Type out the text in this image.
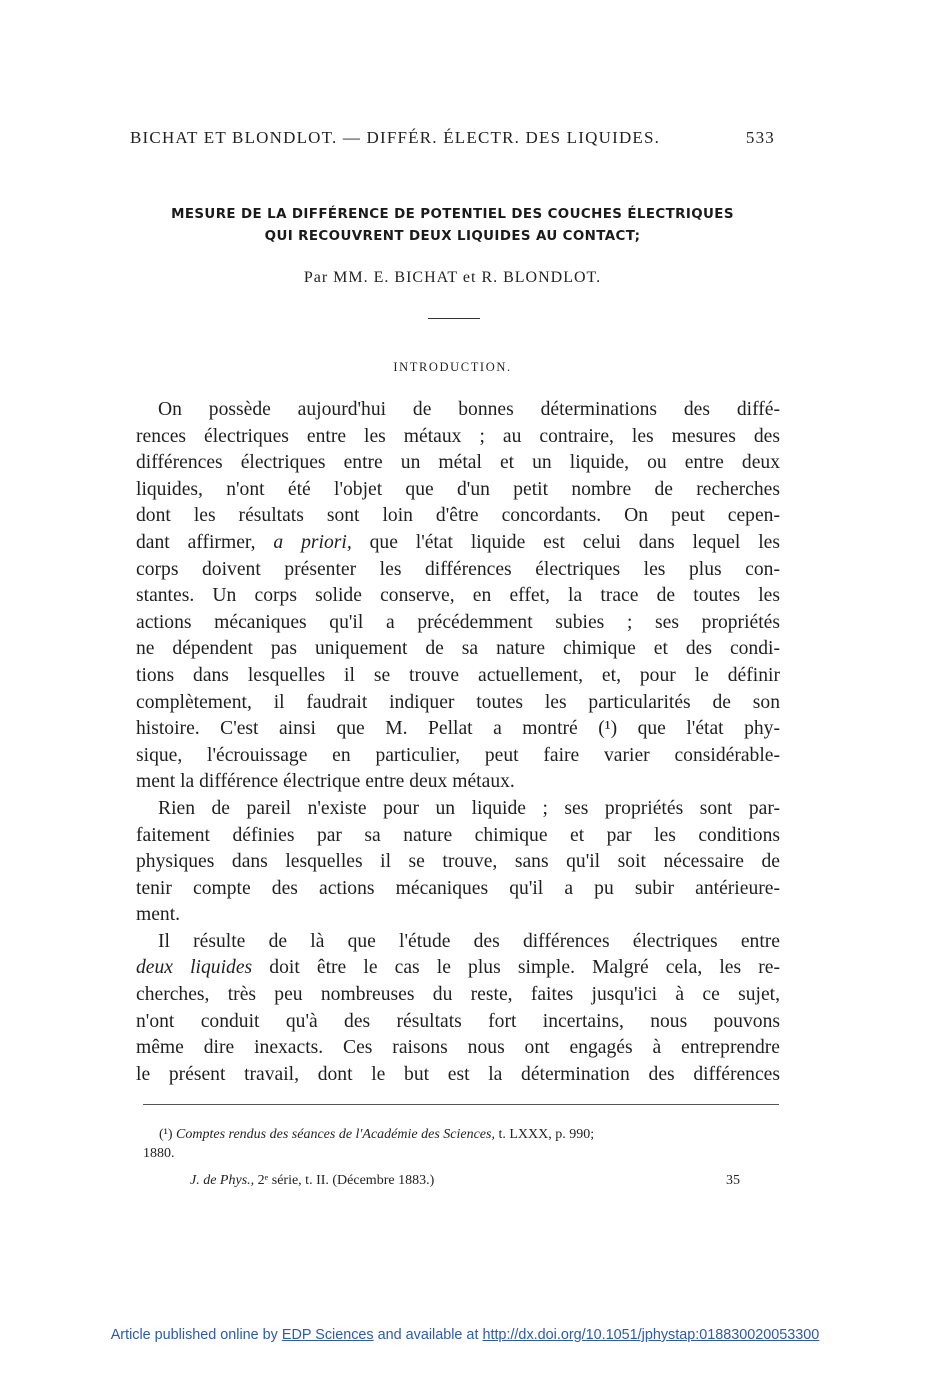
BICHAT ET BLONDLOT. — DIFFÉR. ÉLECTR. DES LIQUIDES.	533
MESURE DE LA DIFFÉRENCE DE POTENTIEL DES COUCHES ÉLECTRIQUES
QUI RECOUVRENT DEUX LIQUIDES AU CONTACT;
Par MM. E. BICHAT et R. BLONDLOT.
INTRODUCTION.
On possède aujourd'hui de bonnes déterminations des diffé-
rences électriques entre les métaux ; au contraire, les mesures des
différences électriques entre un métal et un liquide, ou entre deux
liquides, n'ont été l'objet que d'un petit nombre de recherches
dont les résultats sont loin d'être concordants. On peut cepen-
dant affirmer, a priori, que l'état liquide est celui dans lequel les
corps doivent présenter les différences électriques les plus con-
stantes. Un corps solide conserve, en effet, la trace de toutes les
actions mécaniques qu'il a précédemment subies ; ses propriétés
ne dépendent pas uniquement de sa nature chimique et des condi-
tions dans lesquelles il se trouve actuellement, et, pour le définir
complètement, il faudrait indiquer toutes les particularités de son
histoire. C'est ainsi que M. Pellat a montré (¹) que l'état phy-
sique, l'écrouissage en particulier, peut faire varier considérable-
ment la différence électrique entre deux métaux.
Rien de pareil n'existe pour un liquide ; ses propriétés sont par-
faitement définies par sa nature chimique et par les conditions
physiques dans lesquelles il se trouve, sans qu'il soit nécessaire de
tenir compte des actions mécaniques qu'il a pu subir antérieure-
ment.
Il résulte de là que l'étude des différences électriques entre
deux liquides doit être le cas le plus simple. Malgré cela, les re-
cherches, très peu nombreuses du reste, faites jusqu'ici à ce sujet,
n'ont conduit qu'à des résultats fort incertains, nous pouvons
même dire inexacts. Ces raisons nous ont engagés à entreprendre
le présent travail, dont le but est la détermination des différences
(¹) Comptes rendus des séances de l'Académie des Sciences, t. LXXX, p. 990;
1880.
J. de Phys., 2ᵉ série, t. II. (Décembre 1883.)	35
Article published online by EDP Sciences and available at http://dx.doi.org/10.1051/jphystap:018830020053300
